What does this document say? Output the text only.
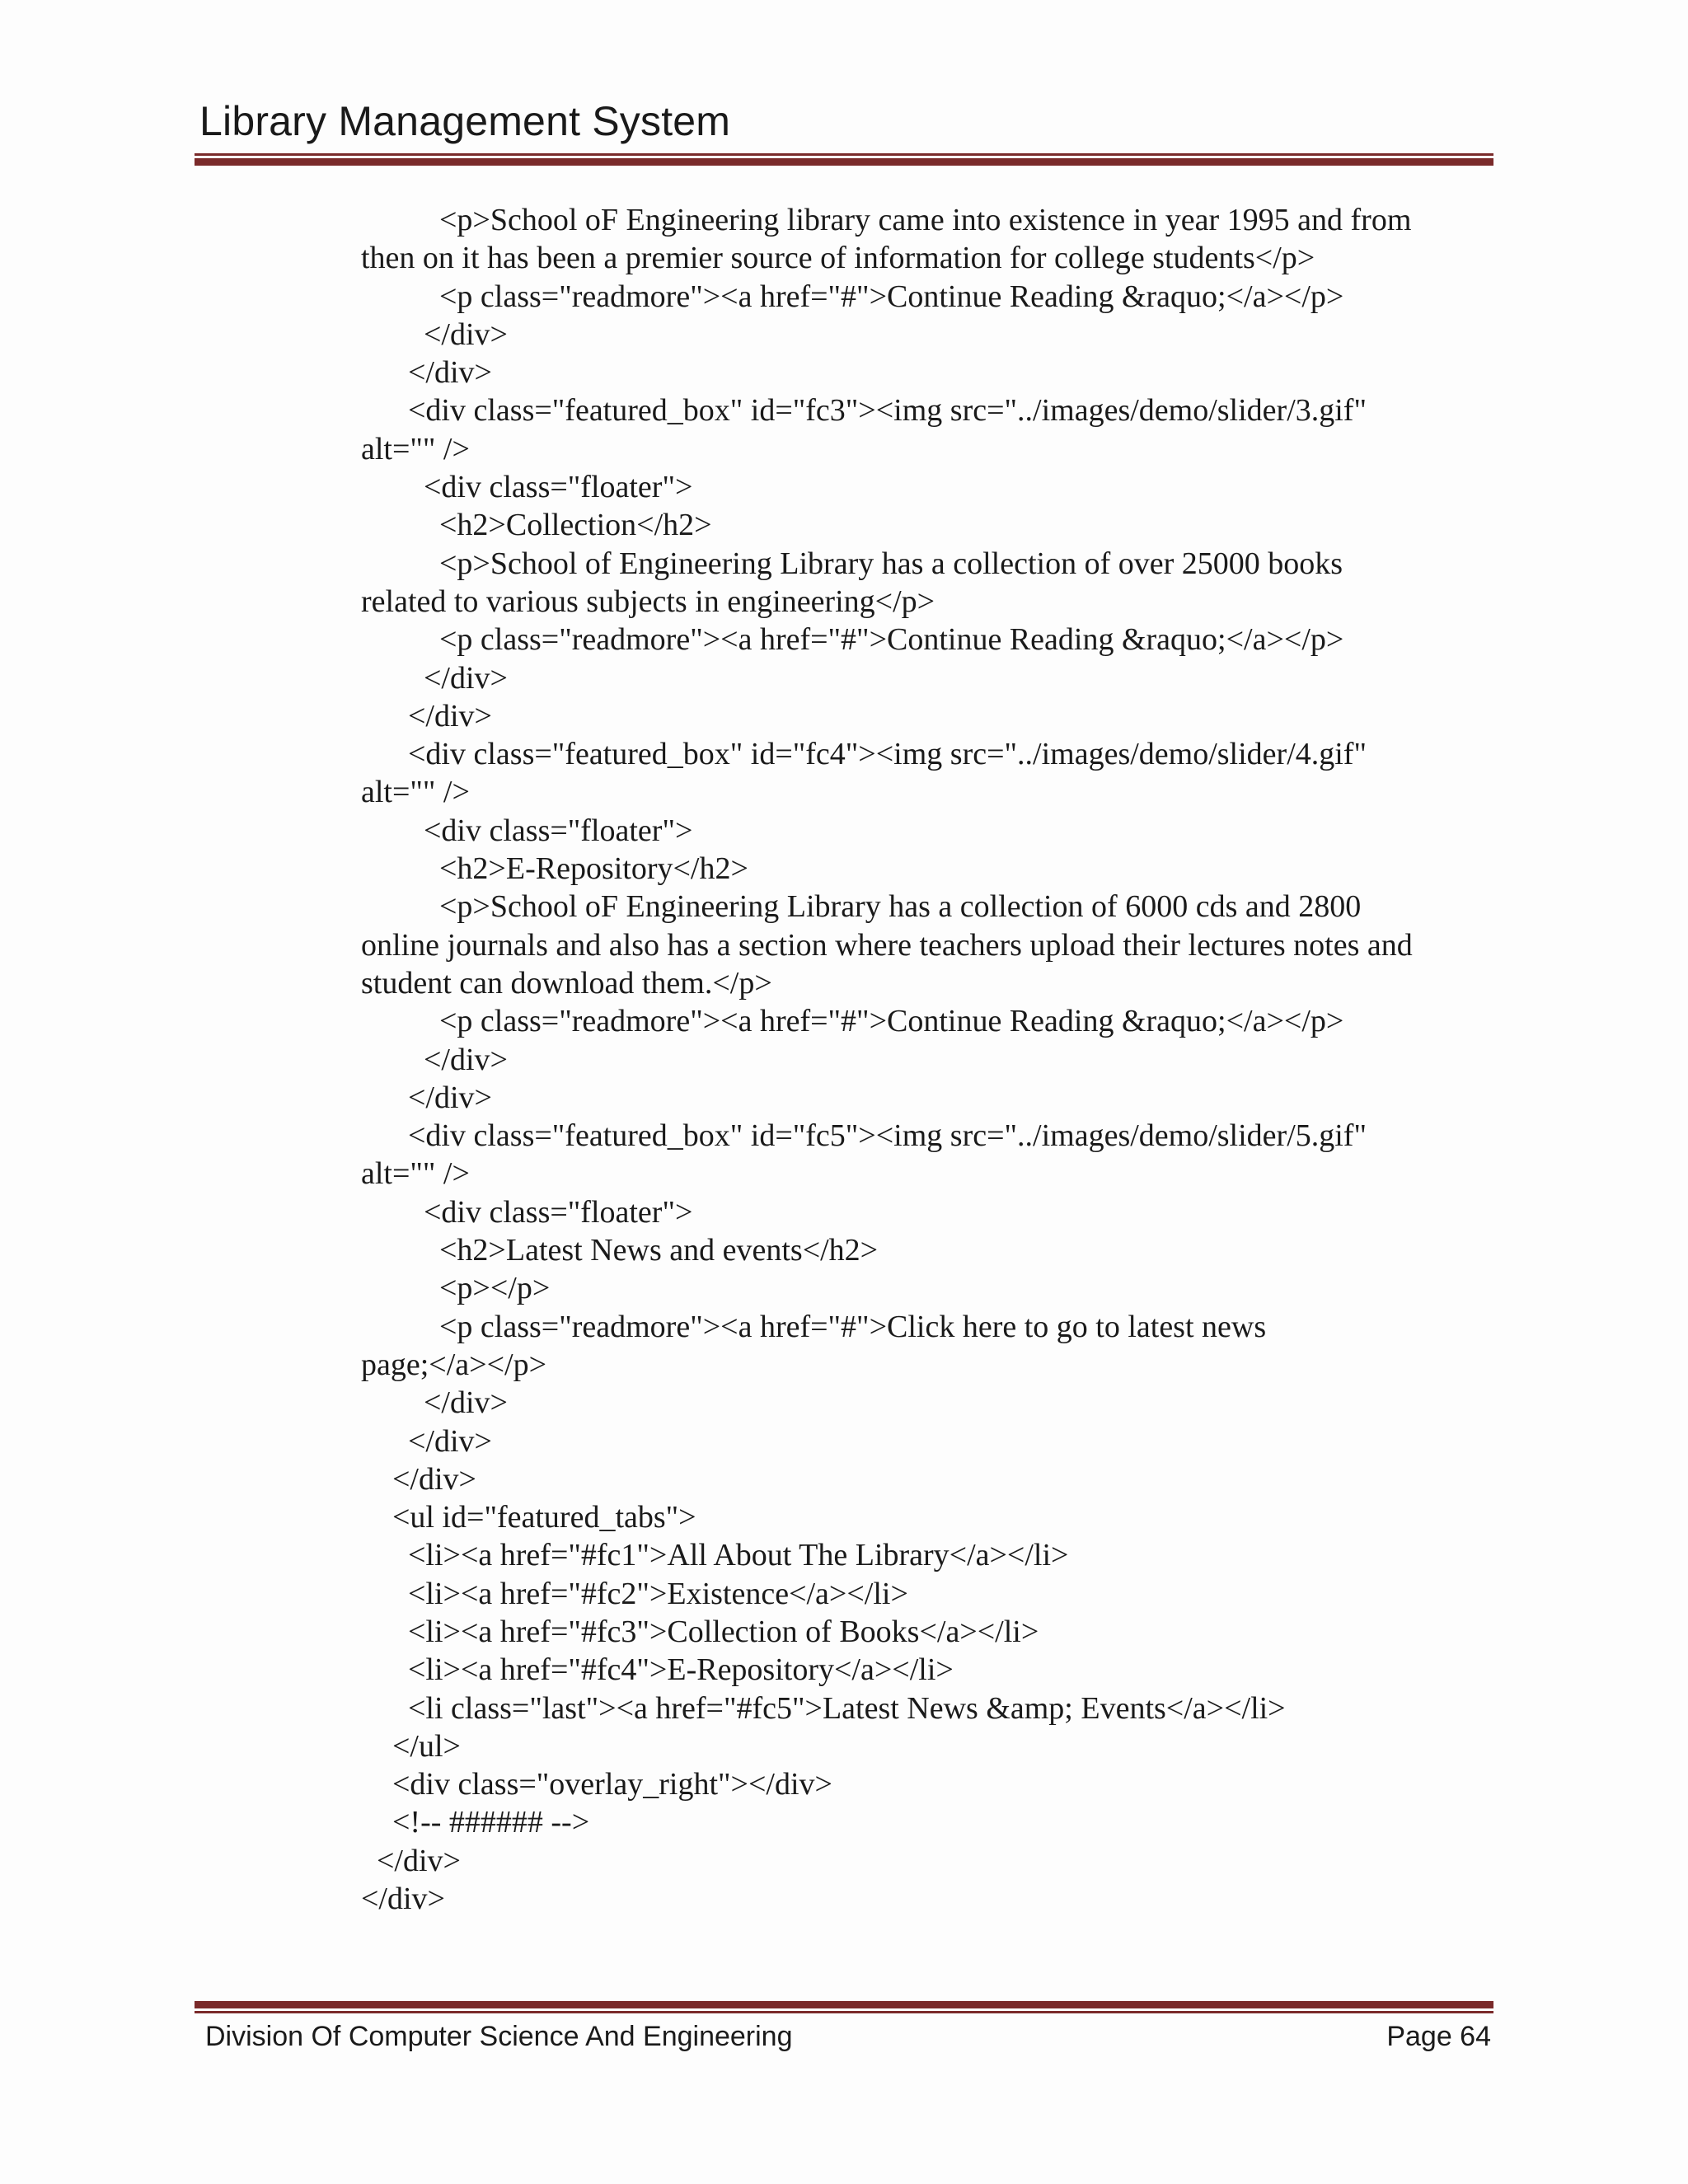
Library Management System
<p>School oF Engineering library came into existence in year 1995 and from
then on it has been a premier source of information for college students</p>
<p class="readmore"><a href="#">Continue Reading &raquo;</a></p>
</div>
</div>
<div class="featured_box" id="fc3"><img src="../images/demo/slider/3.gif"
alt="" />
<div class="floater">
<h2>Collection</h2>
<p>School of Engineering Library has a collection of over 25000 books
related to various subjects in engineering</p>
<p class="readmore"><a href="#">Continue Reading &raquo;</a></p>
</div>
</div>
<div class="featured_box" id="fc4"><img src="../images/demo/slider/4.gif"
alt="" />
<div class="floater">
<h2>E-Repository</h2>
<p>School oF Engineering Library has a collection of 6000 cds and 2800
online journals and also has a section where teachers upload their lectures notes and
student can download them.</p>
<p class="readmore"><a href="#">Continue Reading &raquo;</a></p>
</div>
</div>
<div class="featured_box" id="fc5"><img src="../images/demo/slider/5.gif"
alt="" />
<div class="floater">
<h2>Latest News and events</h2>
<p></p>
<p class="readmore"><a href="#">Click here to go to latest news
page;</a></p>
</div>
</div>
</div>
<ul id="featured_tabs">
<li><a href="#fc1">All About The Library</a></li>
<li><a href="#fc2">Existence</a></li>
<li><a href="#fc3">Collection of Books</a></li>
<li><a href="#fc4">E-Repository</a></li>
<li class="last"><a href="#fc5">Latest News &amp; Events</a></li>
</ul>
<div class="overlay_right"></div>
<!-- ###### -->
</div>
</div>
Division Of Computer Science And Engineering	Page 64
